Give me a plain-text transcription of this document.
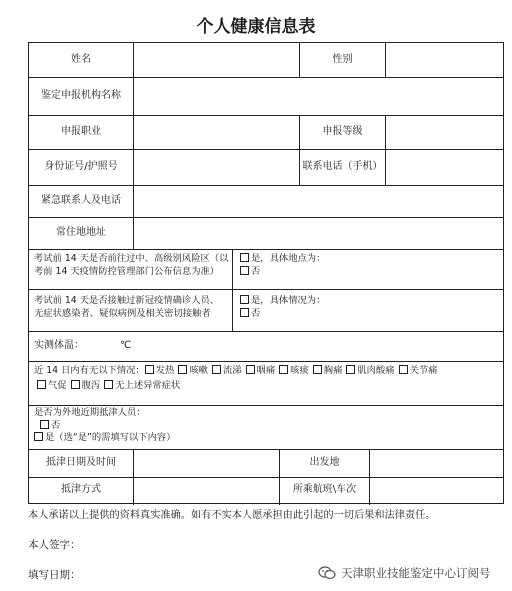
个人健康信息表
姓名	性别
鉴定申报机构名称
申报职业	申报等级
身份证号/护照号	联系电话（手机）
紧急联系人及电话
常住地地址
考试前 14 天是否前往过中、高级别风险区（以
考前 14 天疫情防控管理部门公布信息为准）
是，具体地点为：
否
考试前 14 天是否接触过新冠疫情确诊人员、
无症状感染者、疑似病例及相关密切接触者
是，具体情况为：
否
实测体温：	℃
近 14 日内有无以下情况： 发热 咳嗽 流涕 咽痛 咳痰 胸痛 肌肉酸痛 关节痛
气促 腹泻 无上述异常症状
是否为外地近期抵津人员：
否
是（选“是”的需填写以下内容）
抵津日期及时间	出发地
抵津方式	所乘航班\车次
本人承诺以上提供的资料真实准确。如有不实本人愿承担由此引起的一切后果和法律责任。
本人签字：
填写日期：	天津职业技能鉴定中心订阅号
